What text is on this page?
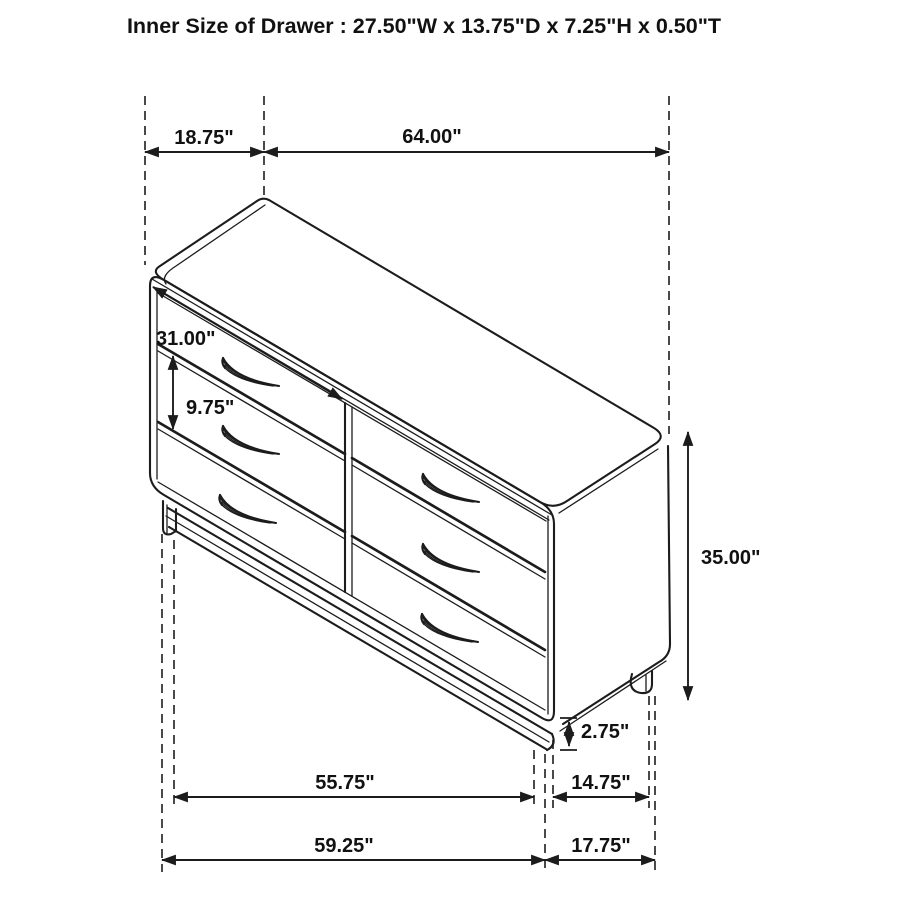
Inner Size of Drawer : 27.50"W x 13.75"D x 7.25"H x 0.50"T
18.75"	64.00"
31.00"
9.75"
35.00"
2.75"
55.75"	14.75"
59.25"	17.75"
